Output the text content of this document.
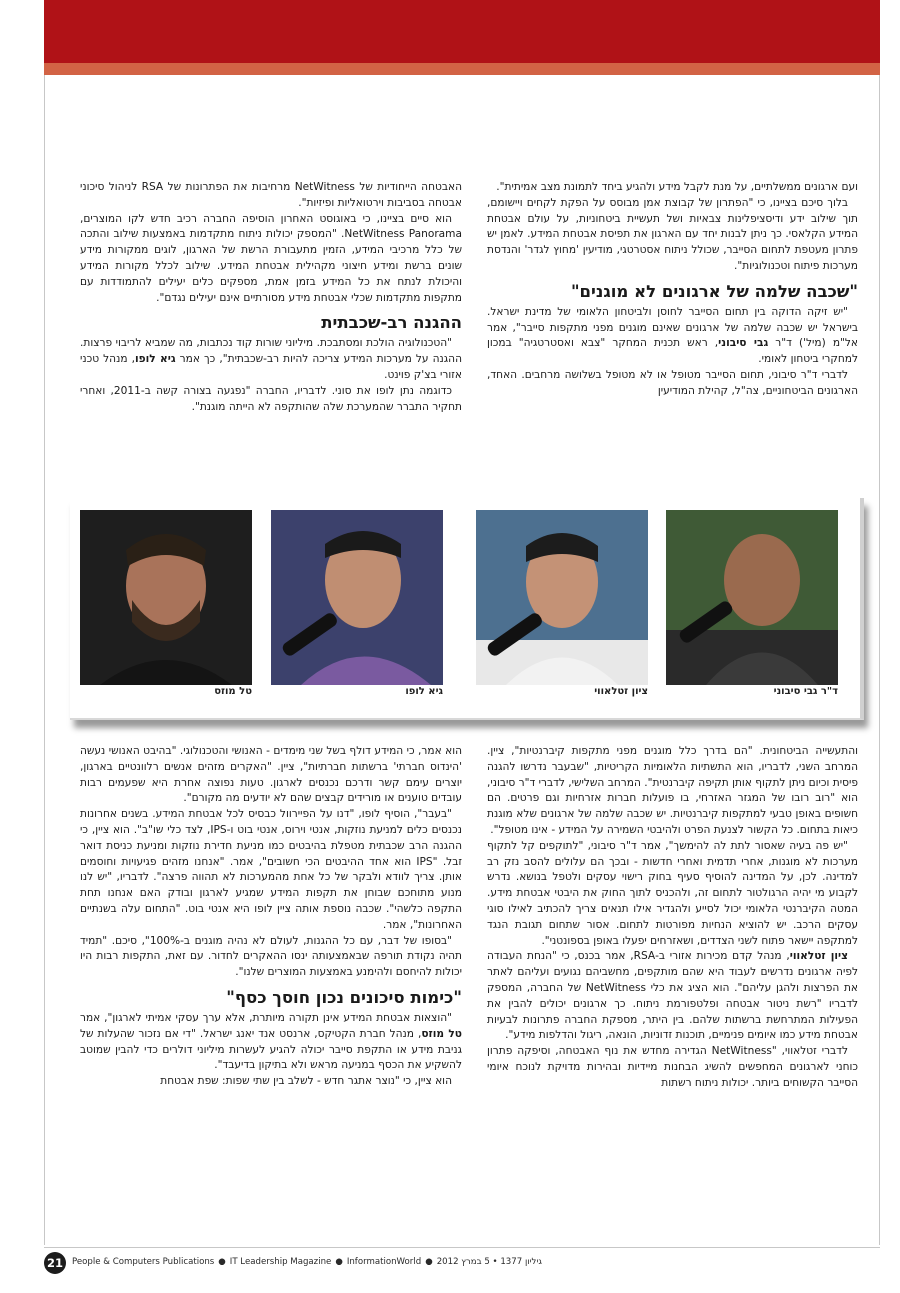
ועם ארגונים ממשלתיים, על מנת לקבל מידע ולהגיע ביחד לתמונת מצב אמיתית".

בלוך סיכם בציינו, כי "הפתרון של קבוצת אמן מבוסס על הפקת לקחים ויישומם, תוך שילוב ידע ודיסציפלינות צבאיות ושל תעשיית ביטחוניות, על עולם אבטחת המידע הקלאסי. כך ניתן לבנות יחד עם הארגון את תפיסת אבטחת המידע. לאמן יש פתרון מעטפת לתחום הסייבר, שכולל ניתוח אסטרטגי, מודיעין 'מחוץ לגדר' והנדסת מערכות פיתוח וטכנולוגיות".

"שכבה שלמה של ארגונים לא מוגנים"

"יש זיקה הדוקה בין תחום הסייבר לחוסן ולביטחון הלאומי של מדינת ישראל. בישראל יש שכבה שלמה של ארגונים שאינם מוגנים מפני מתקפות סייבר", אמר אל"מ (מיל') ד"ר גבי סיבוני, ראש תכנית המחקר "צבא ואסטרטגיה" במכון למחקרי ביטחון לאומי.

לדברי ד"ר סיבוני, תחום הסייבר מטופל או לא מטופל בשלושה מרחבים. האחד, הארגונים הביטחוניים, צה"ל, קהילת המודיעין

האבטחה הייחודיות של NetWitness מרחיבות את הפתרונות של RSA לניהול סיכוני אבטחה בסביבות וירטואליות ופיזיות".

הוא סיים בציינו, כי באוגוסט האחרון הוסיפה החברה רכיב חדש לקו המוצרים, NetWitness Panorama. "המספק יכולות ניתוח מתקדמות באמצעות שילוב והתכה של כלל מרכיבי המידע, הזמין מתעבורת הרשת של הארגון, לוגים ממקורות מידע שונים ברשת ומידע חיצוני מקהילית אבטחת המידע. שילוב לכלל מקורות המידע והיכולת לנתח את כל המידע בזמן אמת, מספקים כלים יעילים להתמודדות עם מתקפות מתקדמות שכלי אבטחת מידע מסורתיים אינם יעילים נגדם".

ההגנה רב-שכבתית

"הטכנולוגיה הולכת ומסתבכת. מיליוני שורות קוד נכתבות, מה שמביא לריבוי פרצות. ההגנה על מערכות המידע צריכה להיות רב-שכבתית", כך אמר גיא לופו, מנהל טכני אזורי בצ'ק פוינט.

כדוגמה נתן לופו את סוני. לדבריו, החברה "נפגעה בצורה קשה ב-2011, ואחרי תחקיר התברר שהמערכת שלה שהותקפה לא הייתה מוגנת".

ד"ר גבי סיבוני
ציון זטלאווי
גיא לופו
טל מוזס

והתעשייה הביטחונית. "הם בדרך כלל מוגנים מפני מתקפות קיברנטיות", ציין. המרחב השני, לדבריו, הוא התשתיות הלאומיות הקריטיות, "שבעבר נדרשו להגנה פיסית וכיום ניתן לתקוף אותן תקיפה קיברנטית". המרחב השלישי, לדברי ד"ר סיבוני, הוא "רוב רובו של המגזר האזרחי, בו פועלות חברות אזרחיות וגם פרטים. הם חשופים באופן טבעי למתקפות קיברנטיות. יש שכבה שלמה של ארגונים שלא מוגנת כיאות בתחום. כל הקשור לצנעת הפרט ולהיבטי השמירה על המידע - אינו מטופל".

"יש פה בעיה שאסור לתת לה להימשך", אמר ד"ר סיבוני, "לתוקפים קל לתקוף מערכות לא מוגנות, אחרי תדמית ואחרי חדשות - ובכך הם עלולים להסב נזק רב למדינה. לכן, על המדינה להוסיף סעיף בחוק רישוי עסקים ולטפל בנושא. נדרש לקבוע מי יהיה הרגולטור לתחום זה, ולהכניס לתוך החוק את היבטי אבטחת מידע. המטה הקיברנטי הלאומי יכול לסייע ולהגדיר אילו תנאים צריך להכתיב לאילו סוגי עסקים הרכב. יש להוציא הנחיות מפורטות לתחום. אסור שתחום תגובת הנגד למתקפה יישאר פתוח לשני הצדדים, ושאזרחים יפעלו באופן בספונטני".

ציון זטלאווי, מנהל קדם מכירות אזורי ב-RSA, אמר בכנס, כי "הנחת העבודה לפיה ארגונים נדרשים לעבוד היא שהם מותקפים, מחשביהם נגועים ועליהם לאתר את הפרצות ולהגן עליהם". הוא הציג את כלי NetWitness של החברה, המספק לדבריו "רשת ניטור אבטחה ופלטפורמת ניתוח. כך ארגונים יכולים להבין את הפעילות המתרחשת ברשתות שלהם. בין היתר, מספקת החברה פתרונות לבעיות אבטחת מידע כמו איומים פנימיים, תוכנות זדוניות, הונאה, ריגול והדלפות מידע".

לדברי זטלאווי, "NetWitness הגדירה מחדש את נוף האבטחה, וסיפקה פתרון כוחני לארגונים המחפשים להשיג הבחנות מיידיות ובהירות מדויקת לנוכח איומי הסייבר הקשוחים ביותר. יכולות ניתוח רשתות

הוא אמר, כי המידע דולף בשל שני מימדים - האנושי והטכנולוגי. "בהיבט האנושי נעשה 'הינדוס חברתי' ברשתות חברתיות", ציין. "האקרים מזהים אנשים רלוונטיים בארגון, יוצרים עימם קשר ודרכם נכנסים לארגון. טעות נפוצה אחרת היא שפעמים רבות עובדים טוענים או מורידים קבצים שהם לא יודעים מה מקורם".

"בעבר", הוסיף לופו, "דנו על הפיירוול כבסיס לכל אבטחת המידע. בשנים אחרונות נכנסים כלים למניעת נוזקות, אנטי וירוס, אנטי בוט ו-IPS, לצד כלי שו"ב". הוא ציין, כי ההגנה הרב שכבתית מטפלת בהיבטים כמו מניעת חדירת נוזקות ומניעת כניסת דואר זבל. "IPS הוא אחד ההיבטים הכי חשובים", אמר. "אנחנו מזהים פגיעויות וחוסמים אותן. צריך לוודא ולבקר של כל אחת מהמערכות לא תהווה פרצה". לדבריו, "יש לנו מנוע מתוחכם שבוחן את תקפות המידע שמגיע לארגון ובודק האם אנחנו תחת התקפה כלשהי". שכבה נוספת אותה ציין לופו היא אנטי בוט. "התחום עלה בשנתיים האחרונות", אמר.

"בסופו של דבר, עם כל ההגנות, לעולם לא נהיה מוגנים ב-100%", סיכם. "תמיד תהיה נקודת תורפה שבאמצעותה ינסו ההאקרים לחדור. עם זאת, התקפות רבות היו יכולות להיחסם ולהימנע באמצעות המוצרים שלנו".

"כימות סיכונים נכון חוסך כסף"

"הוצאות אבטחת המידע אינן תקורה מיותרת, אלא ערך עסקי אמיתי לארגון", אמר טל מוזס, מנהל חברת הקטיקס, ארנסט אנד יאנג ישראל. "די אם נזכור שהעלות של גניבת מידע או התקפת סייבר יכולה להגיע לעשרות מיליוני דולרים כדי להבין שמוטב להשקיע את הכסף במניעה מראש ולא בתיקון בדיעבד".

הוא ציין, כי "נוצר אתגר חדש - לשלב בין שתי שפות: שפת אבטחת

21	People & Computers Publications ● IT Leadership Magazine ● InformationWorld ● גיליון 1377 • 5 במרץ 2012
